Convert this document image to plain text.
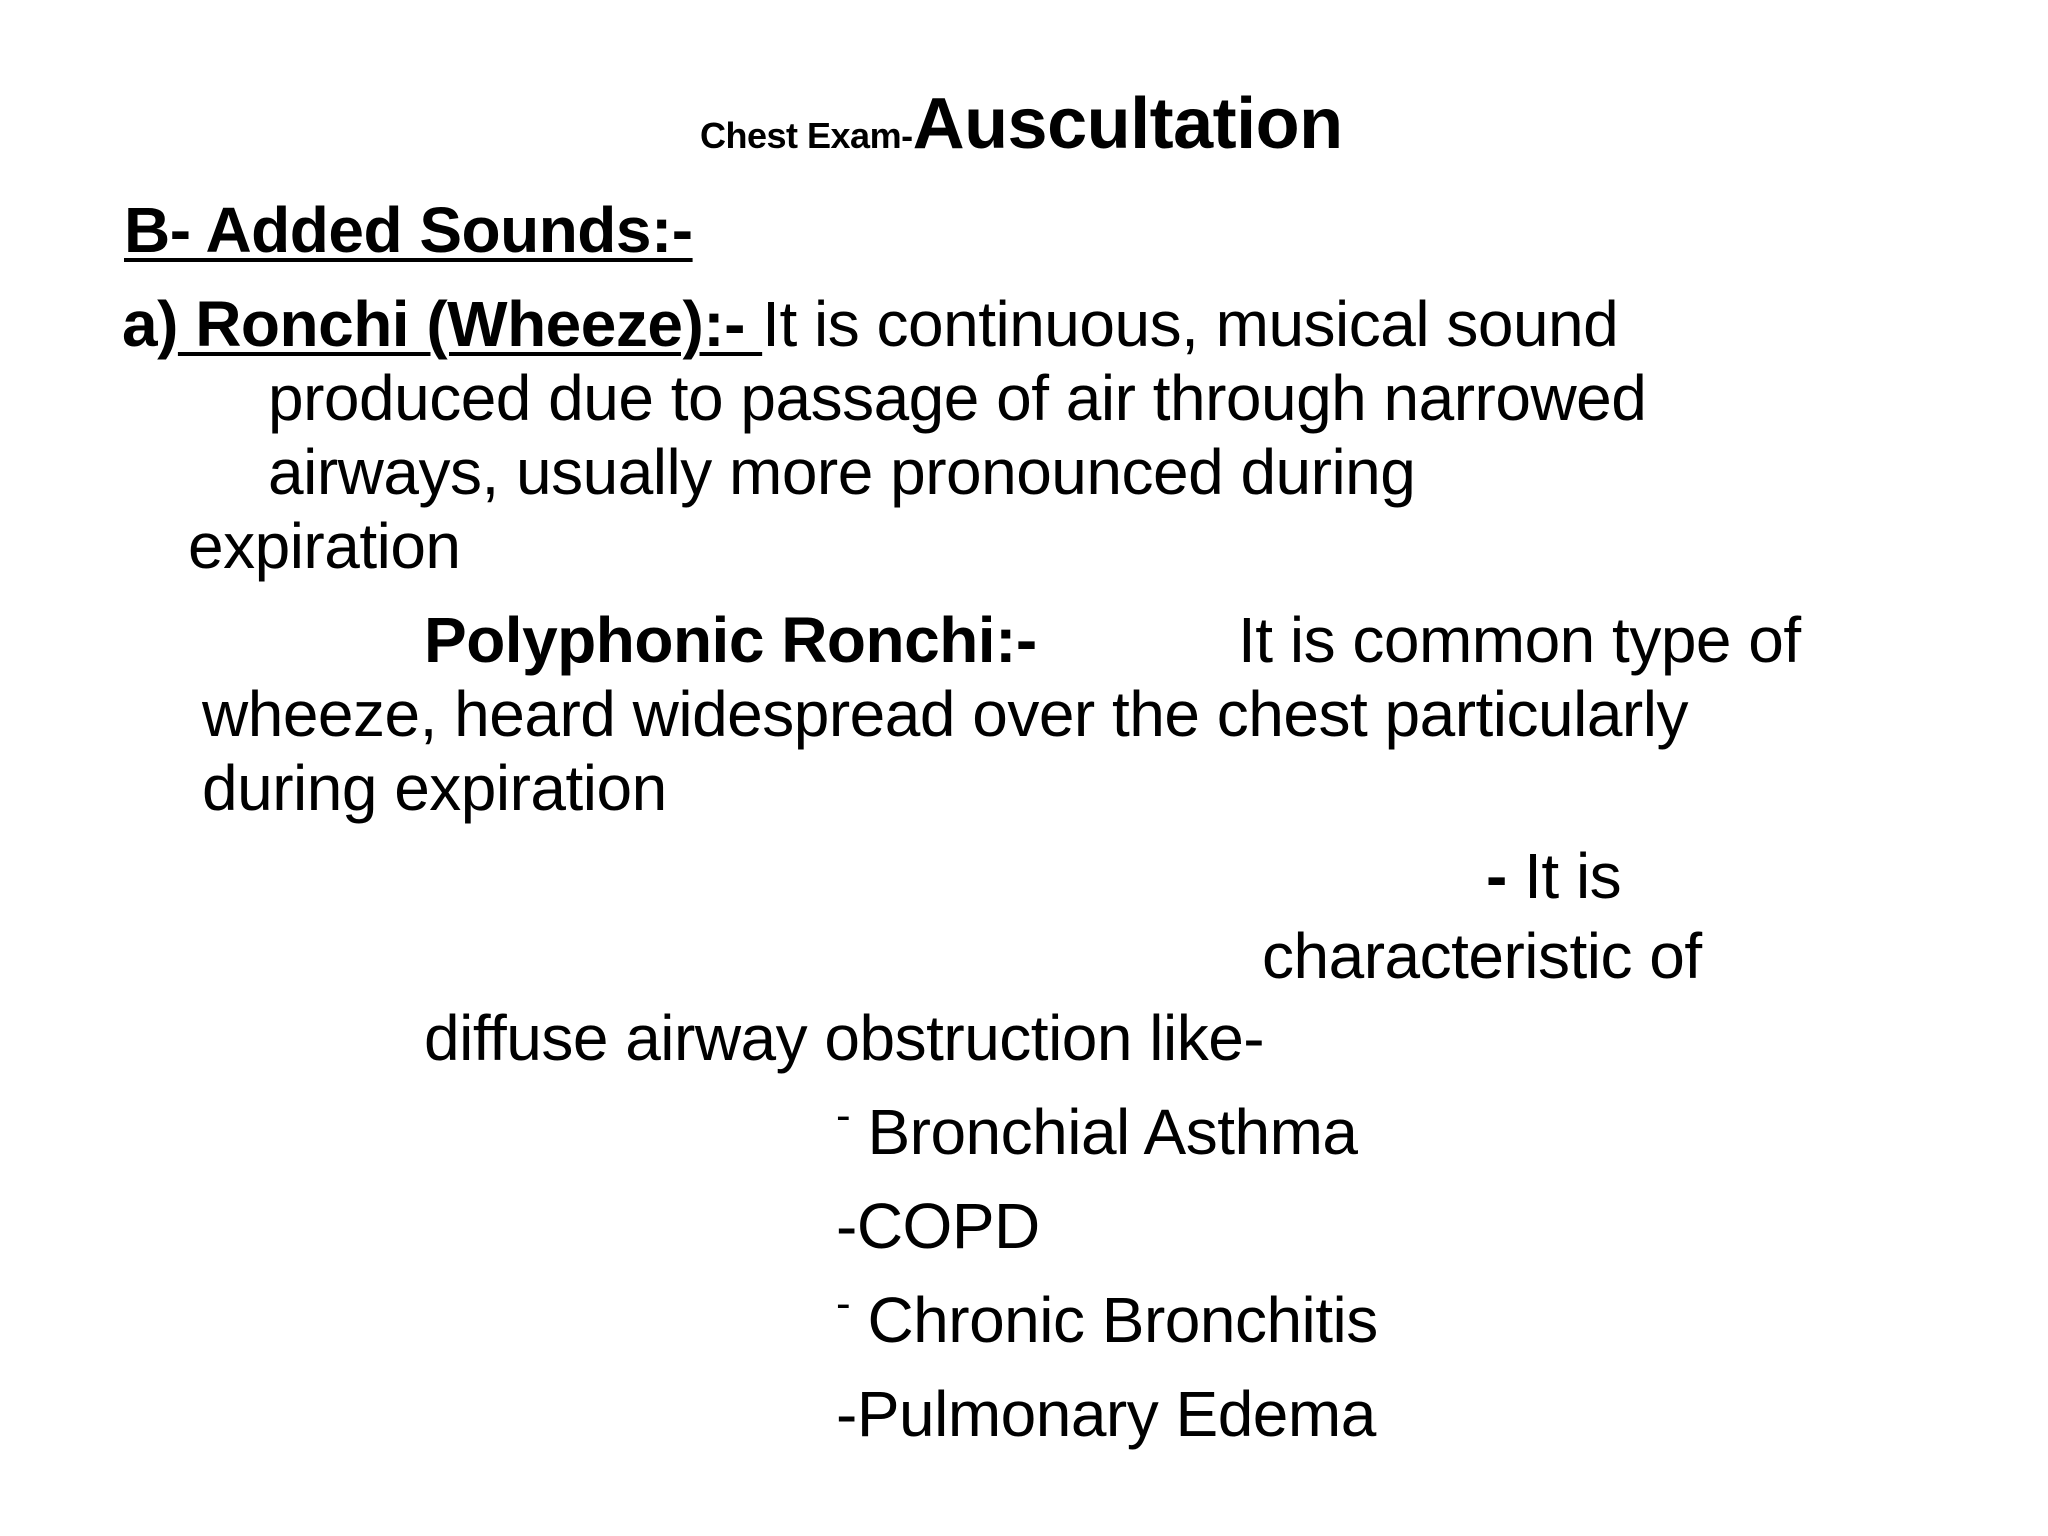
Chest Exam-Auscultation
B- Added Sounds:-
a) Ronchi (Wheeze):- It is continuous, musical sound
produced due to passage of air through narrowed
airways, usually more pronounced during
expiration
Polyphonic Ronchi:-	It is common type of
wheeze, heard widespread over the chest particularly
during expiration
- It is
characteristic of
diffuse airway obstruction like-
- Bronchial Asthma
-COPD
- Chronic Bronchitis
-Pulmonary Edema
